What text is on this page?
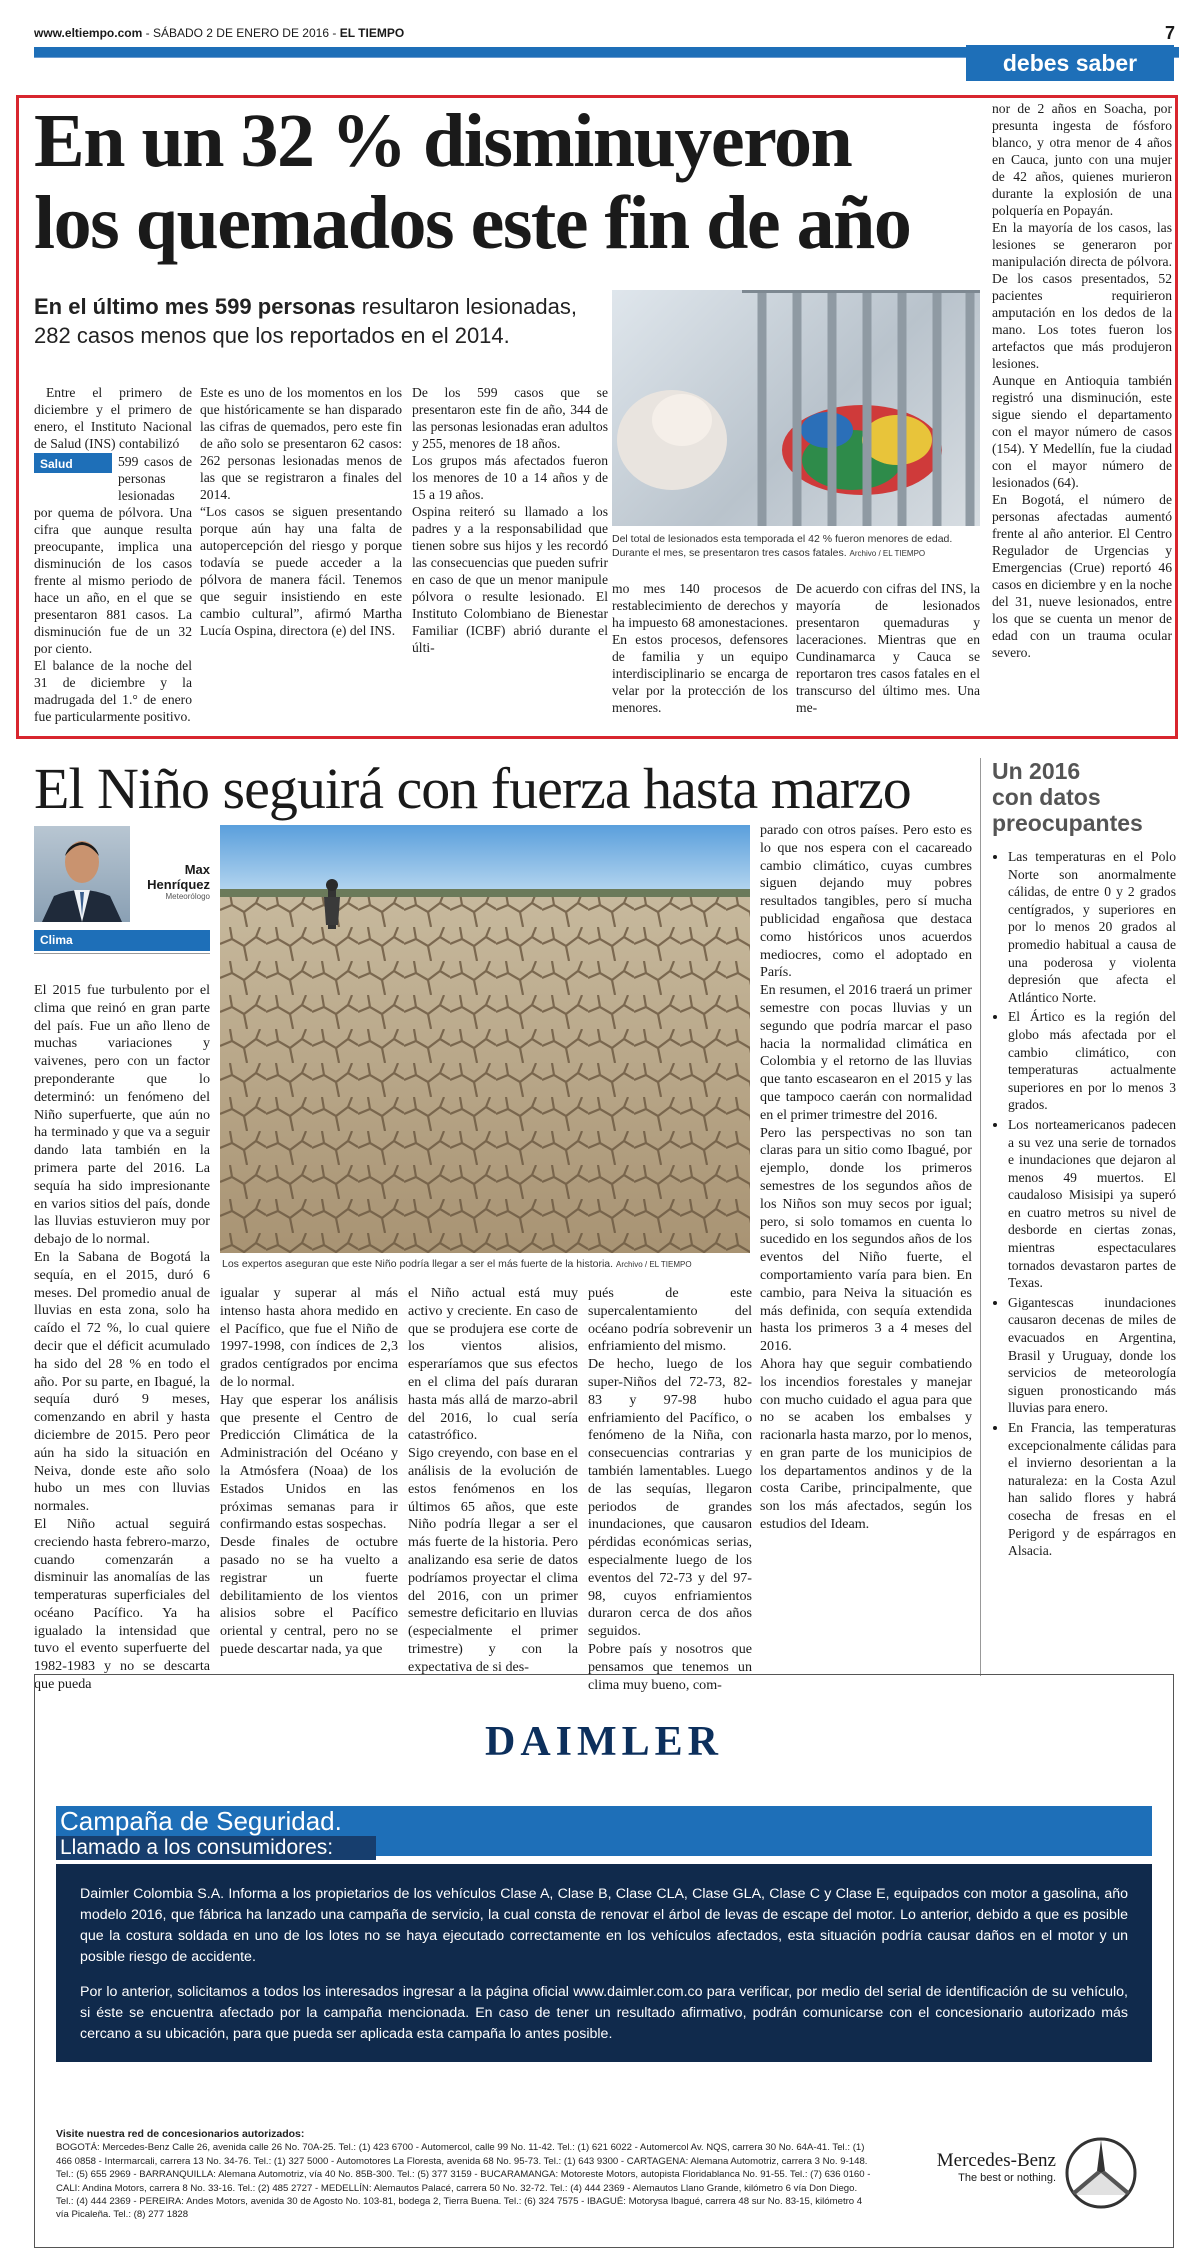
www.eltiempo.com - SÁBADO 2 DE ENERO DE 2016 - EL TIEMPO	7
debes saber
En un 32 % disminuyeron
los quemados este fin de año
En el último mes 599 personas resultaron lesionadas, 282 casos menos que los reportados en el 2014.
Entre el primero de diciembre y el primero de enero, el Instituto Nacional de Salud (INS) contabilizó
Salud	599 casos de personas lesionadas
por quema de pólvora. Una cifra que aunque resulta preocupante, implica una disminución de los casos frente al mismo periodo de hace un año, en el que se presentaron 881 casos. La disminución fue de un 32 por ciento.
El balance de la noche del 31 de diciembre y la madrugada del 1.° de enero fue particularmente positivo.
Este es uno de los momentos en los que históricamente se han disparado las cifras de quemados, pero este fin de año solo se presentaron 62 casos: 262 personas lesionadas menos de las que se registraron a finales del 2014.
“Los casos se siguen presentando porque aún hay una falta de autopercepción del riesgo y porque todavía se puede acceder a la pólvora de manera fácil. Tenemos que seguir insistiendo en este cambio cultural”, afirmó Martha Lucía Ospina, directora (e) del INS.
De los 599 casos que se presentaron este fin de año, 344 de las personas lesionadas eran adultos y 255, menores de 18 años.
Los grupos más afectados fueron los menores de 10 a 14 años y de 15 a 19 años.
Ospina reiteró su llamado a los padres y a la responsabilidad que tienen sobre sus hijos y les recordó las consecuencias que pueden sufrir en caso de que un menor manipule pólvora o resulte lesionado. El Instituto Colombiano de Bienestar Familiar (ICBF) abrió durante el últi-
Del total de lesionados esta temporada el 42 % fueron menores de edad. Durante el mes, se presentaron tres casos fatales. Archivo / EL TIEMPO
mo mes 140 procesos de restablecimiento de derechos y ha impuesto 68 amonestaciones. En estos procesos, defensores de familia y un equipo interdisciplinario se encarga de velar por la protección de los menores.
De acuerdo con cifras del INS, la mayoría de lesionados presentaron quemaduras y laceraciones. Mientras que en Cundinamarca y Cauca se reportaron tres casos fatales en el transcurso del último mes. Una me-
nor de 2 años en Soacha, por presunta ingesta de fósforo blanco, y otra menor de 4 años en Cauca, junto con una mujer de 42 años, quienes murieron durante la explosión de una polquería en Popayán.
En la mayoría de los casos, las lesiones se generaron por manipulación directa de pólvora. De los casos presentados, 52 pacientes requirieron amputación en los dedos de la mano. Los totes fueron los artefactos que más produjeron lesiones.
Aunque en Antioquia también registró una disminución, este sigue siendo el departamento con el mayor número de casos (154). Y Medellín, fue la ciudad con el mayor número de lesionados (64).
En Bogotá, el número de personas afectadas aumentó frente al año anterior. El Centro Regulador de Urgencias y Emergencias (Crue) reportó 46 casos en diciembre y en la noche del 31, nueve lesionados, entre los que se cuenta un menor de edad con un trauma ocular severo.
El Niño seguirá con fuerza hasta marzo
Max
Henríquez
Meteorólogo
Clima
El 2015 fue turbulento por el clima que reinó en gran parte del país. Fue un año lleno de muchas variaciones y vaivenes, pero con un factor preponderante que lo determinó: un fenómeno del Niño superfuerte, que aún no ha terminado y que va a seguir dando lata también en la primera parte del 2016. La sequía ha sido impresionante en varios sitios del país, donde las lluvias estuvieron muy por debajo de lo normal.
En la Sabana de Bogotá la sequía, en el 2015, duró 6 meses. Del promedio anual de lluvias en esta zona, solo ha caído el 72 %, lo cual quiere decir que el déficit acumulado ha sido del 28 % en todo el año. Por su parte, en Ibagué, la sequía duró 9 meses, comenzando en abril y hasta diciembre de 2015. Pero peor aún ha sido la situación en Neiva, donde este año solo hubo un mes con lluvias normales.
El Niño actual seguirá creciendo hasta febrero-marzo, cuando comenzarán a disminuir las anomalías de las temperaturas superficiales del océano Pacífico. Ya ha igualado la intensidad que tuvo el evento superfuerte del 1982-1983 y no se descarta que pueda
Los expertos aseguran que este Niño podría llegar a ser el más fuerte de la historia. Archivo / EL TIEMPO
igualar y superar al más intenso hasta ahora medido en el Pacífico, que fue el Niño de 1997-1998, con índices de 2,3 grados centígrados por encima de lo normal.
Hay que esperar los análisis que presente el Centro de Predicción Climática de la Administración del Océano y la Atmósfera (Noaa) de los Estados Unidos en las próximas semanas para ir confirmando estas sospechas.
Desde finales de octubre pasado no se ha vuelto a registrar un fuerte debilitamiento de los vientos alisios sobre el Pacífico oriental y central, pero no se puede descartar nada, ya que
el Niño actual está muy activo y creciente. En caso de que se produjera ese corte de los vientos alisios, esperaríamos que sus efectos en el clima del país duraran hasta más allá de marzo-abril del 2016, lo cual sería catastrófico.
Sigo creyendo, con base en el análisis de la evolución de estos fenómenos en los últimos 65 años, que este Niño podría llegar a ser el más fuerte de la historia. Pero analizando esa serie de datos podríamos proyectar el clima del 2016, con un primer semestre deficitario en lluvias (especialmente el primer trimestre) y con la expectativa de si des-
pués de este supercalentamiento del océano podría sobrevenir un enfriamiento del mismo.
De hecho, luego de los super-Niños del 72-73, 82-83 y 97-98 hubo enfriamiento del Pacífico, o fenómeno de la Niña, con consecuencias contrarias y también lamentables. Luego de las sequías, llegaron periodos de grandes inundaciones, que causaron pérdidas económicas serias, especialmente luego de los eventos del 72-73 y del 97-98, cuyos enfriamientos duraron cerca de dos años seguidos.
Pobre país y nosotros que pensamos que tenemos un clima muy bueno, com-
parado con otros países. Pero esto es lo que nos espera con el cacareado cambio climático, cuyas cumbres siguen dejando muy pobres resultados tangibles, pero sí mucha publicidad engañosa que destaca como históricos unos acuerdos mediocres, como el adoptado en París.
En resumen, el 2016 traerá un primer semestre con pocas lluvias y un segundo que podría marcar el paso hacia la normalidad climática en Colombia y el retorno de las lluvias que tanto escasearon en el 2015 y las que tampoco caerán con normalidad en el primer trimestre del 2016.
Pero las perspectivas no son tan claras para un sitio como Ibagué, por ejemplo, donde los primeros semestres de los segundos años de los Niños son muy secos por igual; pero, si solo tomamos en cuenta lo sucedido en los segundos años de los eventos del Niño fuerte, el comportamiento varía para bien. En cambio, para Neiva la situación es más definida, con sequía extendida hasta los primeros 3 a 4 meses del 2016.
Ahora hay que seguir combatiendo los incendios forestales y manejar con mucho cuidado el agua para que no se acaben los embalses y racionarla hasta marzo, por lo menos, en gran parte de los municipios de los departamentos andinos y de la costa Caribe, principalmente, que son los más afectados, según los estudios del Ideam.
Un 2016
con datos
preocupantes
• Las temperaturas en el Polo Norte son anormalmente cálidas, de entre 0 y 2 grados centígrados, y superiores en por lo menos 20 grados al promedio habitual a causa de una poderosa y violenta depresión que afecta el Atlántico Norte.
• El Ártico es la región del globo más afectada por el cambio climático, con temperaturas actualmente superiores en por lo menos 3 grados.
• Los norteamericanos padecen a su vez una serie de tornados e inundaciones que dejaron al menos 49 muertos. El caudaloso Misisipi ya superó en cuatro metros su nivel de desborde en ciertas zonas, mientras espectaculares tornados devastaron partes de Texas.
• Gigantescas inundaciones causaron decenas de miles de evacuados en Argentina, Brasil y Uruguay, donde los servicios de meteorología siguen pronosticando más lluvias para enero.
• En Francia, las temperaturas excepcionalmente cálidas para el invierno desorientan a la naturaleza: en la Costa Azul han salido flores y habrá cosecha de fresas en el Perigord y de espárragos en Alsacia.
DAIMLER
Campaña de Seguridad.
Llamado a los consumidores:
Daimler Colombia S.A. Informa a los propietarios de los vehículos Clase A, Clase B, Clase CLA, Clase GLA, Clase C y Clase E, equipados con motor a gasolina, año modelo 2016, que fábrica ha lanzado una campaña de servicio, la cual consta de renovar el árbol de levas de escape del motor. Lo anterior, debido a que es posible que la costura soldada en uno de los lotes no se haya ejecutado correctamente en los vehículos afectados, esta situación podría causar daños en el motor y un posible riesgo de accidente.
Por lo anterior, solicitamos a todos los interesados ingresar a la página oficial www.daimler.com.co para verificar, por medio del serial de identificación de su vehículo, si éste se encuentra afectado por la campaña mencionada. En caso de tener un resultado afirmativo, podrán comunicarse con el concesionario autorizado más cercano a su ubicación, para que pueda ser aplicada esta campaña lo antes posible.
Visite nuestra red de concesionarios autorizados:
BOGOTÁ: Mercedes-Benz Calle 26, avenida calle 26 No. 70A-25. Tel.: (1) 423 6700 - Automercol, calle 99 No. 11-42. Tel.: (1) 621 6022 - Automercol Av. NQS, carrera 30 No. 64A-41. Tel.: (1) 466 0858 - Intermarcali, carrera 13 No. 34-76. Tel.: (1) 327 5000 - Automotores La Floresta, avenida 68 No. 95-73. Tel.: (1) 643 9300 - CARTAGENA: Alemana Automotriz, carrera 3 No. 9-148. Tel.: (5) 655 2969 - BARRANQUILLA: Alemana Automotriz, vía 40 No. 85B-300. Tel.: (5) 377 3159 - BUCARAMANGA: Motoreste Motors, autopista Floridablanca No. 91-55. Tel.: (7) 636 0160 - CALI: Andina Motors, carrera 8 No. 33-16. Tel.: (2) 485 2727 - MEDELLÍN: Alemautos Palacé, carrera 50 No. 32-72. Tel.: (4) 444 2369 - Alemautos Llano Grande, kilómetro 6 vía Don Diego. Tel.: (4) 444 2369 - PEREIRA: Andes Motors, avenida 30 de Agosto No. 103-81, bodega 2, Tierra Buena. Tel.: (6) 324 7575 - IBAGUÉ: Motorysa Ibagué, carrera 48 sur No. 83-15, kilómetro 4 vía Picaleña. Tel.: (8) 277 1828
Mercedes-Benz
The best or nothing.
